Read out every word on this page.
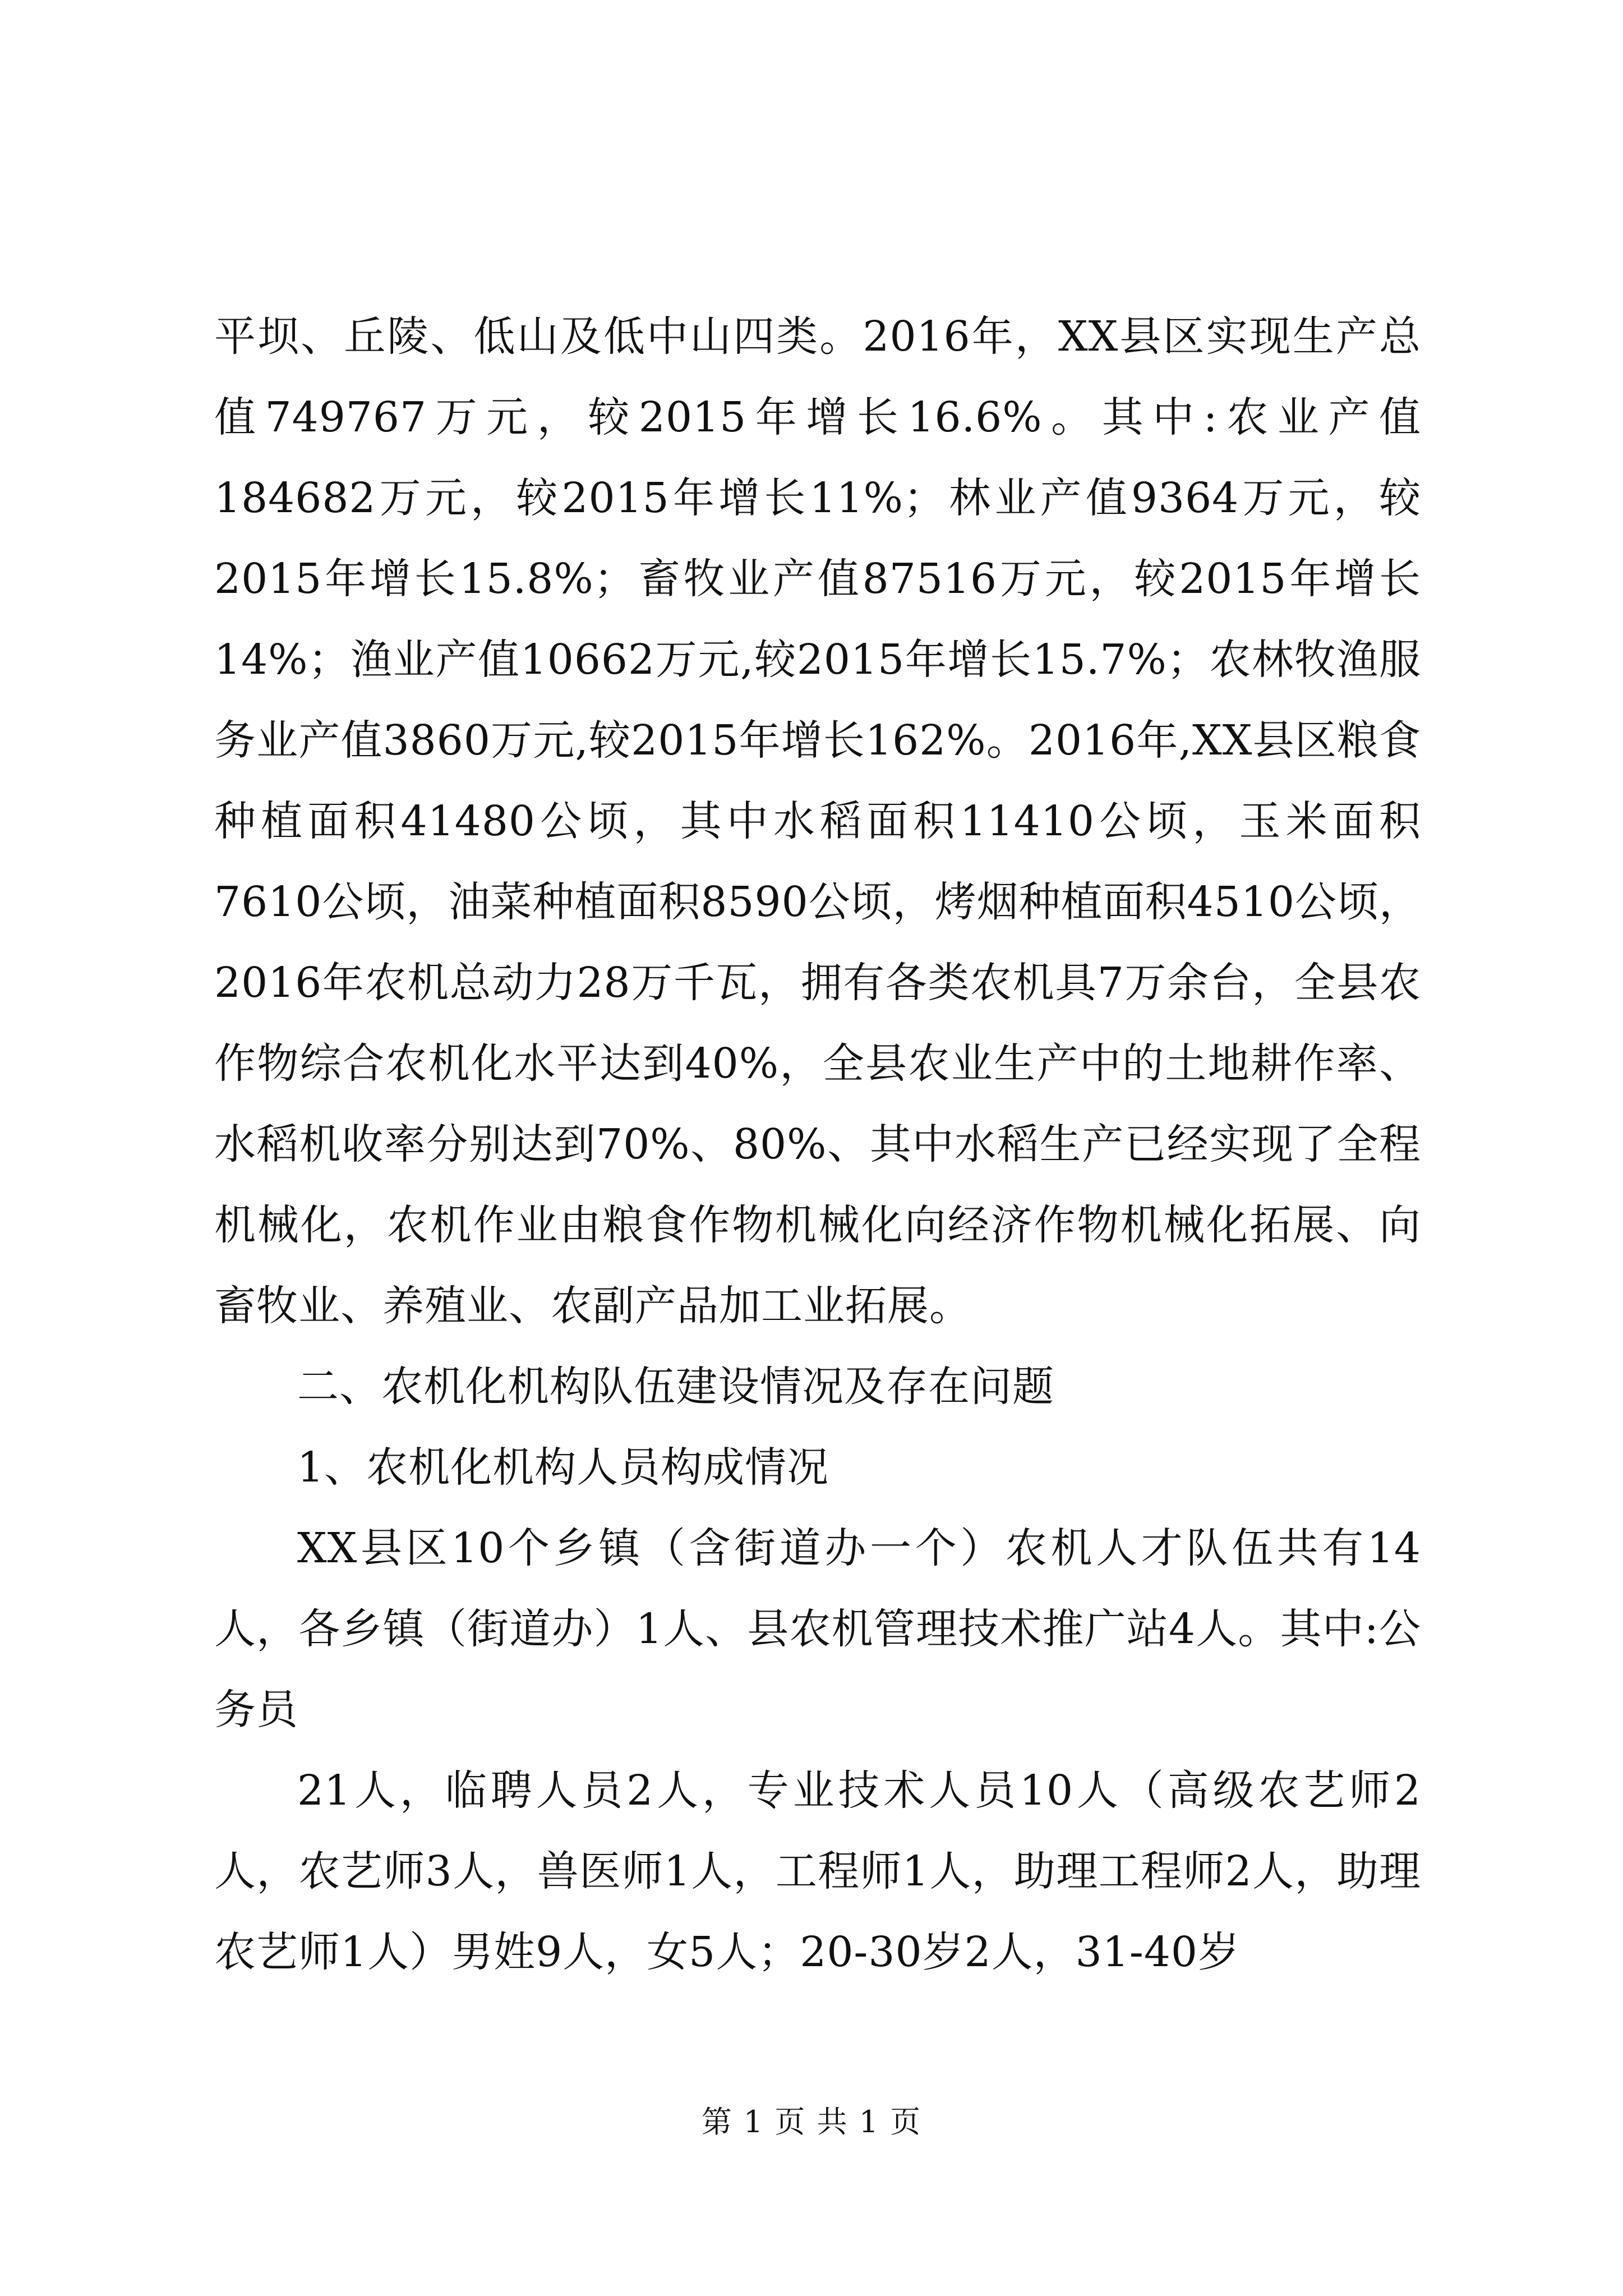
平坝、丘陵、低山及低中山四类。2016年，XX县区实现生产总值749767万元，较2015年增长16.6%。其中:农业产值184682万元，较2015年增长11%；林业产值9364万元，较2015年增长15.8%；畜牧业产值87516万元，较2015年增长14%；渔业产值10662万元,较2015年增长15.7%；农林牧渔服务业产值3860万元,较2015年增长162%。2016年,XX县区粮食种植面积41480公顷，其中水稻面积11410公顷，玉米面积7610公顷，油菜种植面积8590公顷，烤烟种植面积4510公顷，2016年农机总动力28万千瓦，拥有各类农机具7万余台，全县农作物综合农机化水平达到40%，全县农业生产中的土地耕作率、水稻机收率分别达到70%、80%、其中水稻生产已经实现了全程机械化，农机作业由粮食作物机械化向经济作物机械化拓展、向畜牧业、养殖业、农副产品加工业拓展。

二、农机化机构队伍建设情况及存在问题

1、农机化机构人员构成情况

XX县区10个乡镇（含街道办一个）农机人才队伍共有14人，各乡镇（街道办）1人、县农机管理技术推广站4人。其中:公务员

21人，临聘人员2人，专业技术人员10人（高级农艺师2人，农艺师3人，兽医师1人，工程师1人，助理工程师2人，助理农艺师1人）男姓9人，女5人；20-30岁2人，31-40岁

第 1 页 共 1 页
